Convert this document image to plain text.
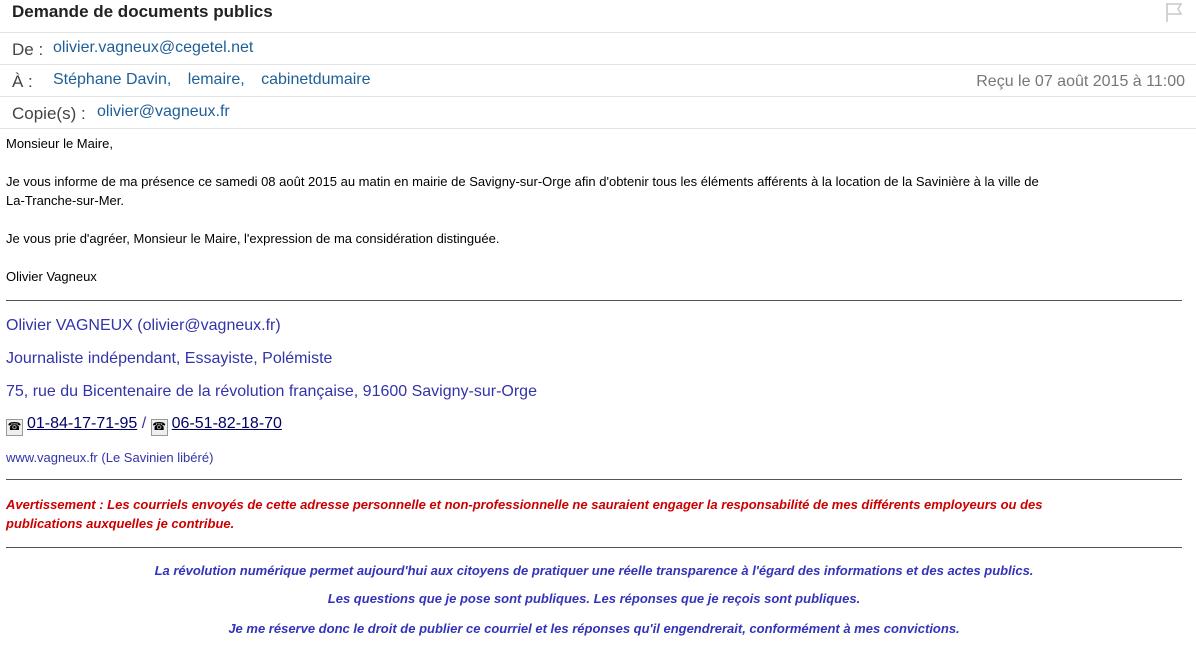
Demande de documents publics
De : olivier.vagneux@cegetel.net
À : Stéphane Davin, lemaire, cabinetdumaire	Reçu le 07 août 2015 à 11:00
Copie(s) : olivier@vagneux.fr

Monsieur le Maire,

Je vous informe de ma présence ce samedi 08 août 2015 au matin en mairie de Savigny-sur-Orge afin d'obtenir tous les éléments afférents à la location de la Savinière à la ville de

La-Tranche-sur-Mer.

Je vous prie d'agréer, Monsieur le Maire, l'expression de ma considération distinguée.

Olivier Vagneux

Olivier VAGNEUX (olivier@vagneux.fr)
Journaliste indépendant, Essayiste, Polémiste
75, rue du Bicentenaire de la révolution française, 91600 Savigny-sur-Orge
☎ 01-84-17-71-95 / ☎ 06-51-82-18-70
www.vagneux.fr (Le Savinien libéré)
Avertissement : Les courriels envoyés de cette adresse personnelle et non-professionnelle ne sauraient engager la responsabilité de mes différents employeurs ou des
publications auxquelles je contribue.
La révolution numérique permet aujourd'hui aux citoyens de pratiquer une réelle transparence à l'égard des informations et des actes publics.
Les questions que je pose sont publiques. Les réponses que je reçois sont publiques.
Je me réserve donc le droit de publier ce courriel et les réponses qu'il engendrerait, conformément à mes convictions.
